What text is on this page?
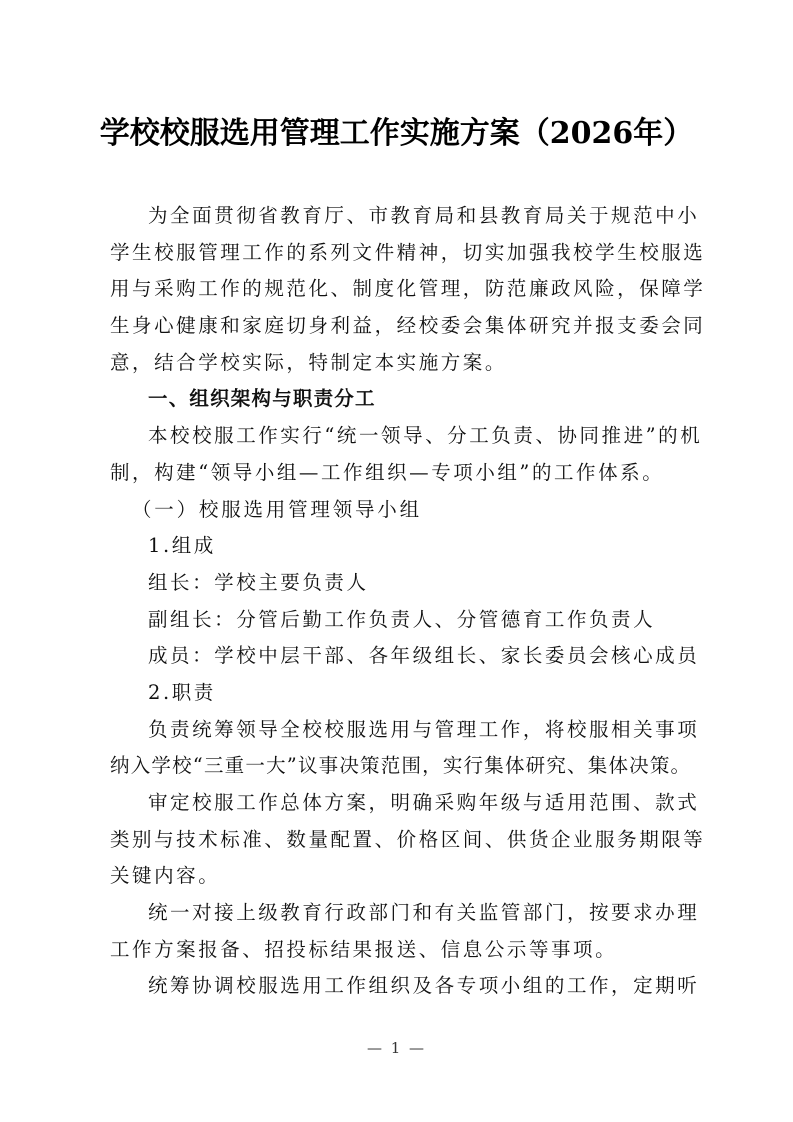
学校校服选用管理工作实施方案（2026年）
为全面贯彻省教育厅、市教育局和县教育局关于规范中小
学生校服管理工作的系列文件精神，切实加强我校学生校服选
用与采购工作的规范化、制度化管理，防范廉政风险，保障学
生身心健康和家庭切身利益，经校委会集体研究并报支委会同
意，结合学校实际，特制定本实施方案。
一、组织架构与职责分工
本校校服工作实行“统一领导、分工负责、协同推进”的机
制，构建“领导小组—工作组织—专项小组”的工作体系。
（一）校服选用管理领导小组
1.组成
组长：学校主要负责人
副组长：分管后勤工作负责人、分管德育工作负责人
成员：学校中层干部、各年级组长、家长委员会核心成员
2.职责
负责统筹领导全校校服选用与管理工作，将校服相关事项
纳入学校“三重一大”议事决策范围，实行集体研究、集体决策。
审定校服工作总体方案，明确采购年级与适用范围、款式
类别与技术标准、数量配置、价格区间、供货企业服务期限等
关键内容。
统一对接上级教育行政部门和有关监管部门，按要求办理
工作方案报备、招投标结果报送、信息公示等事项。
统筹协调校服选用工作组织及各专项小组的工作，定期听
— 1 —
